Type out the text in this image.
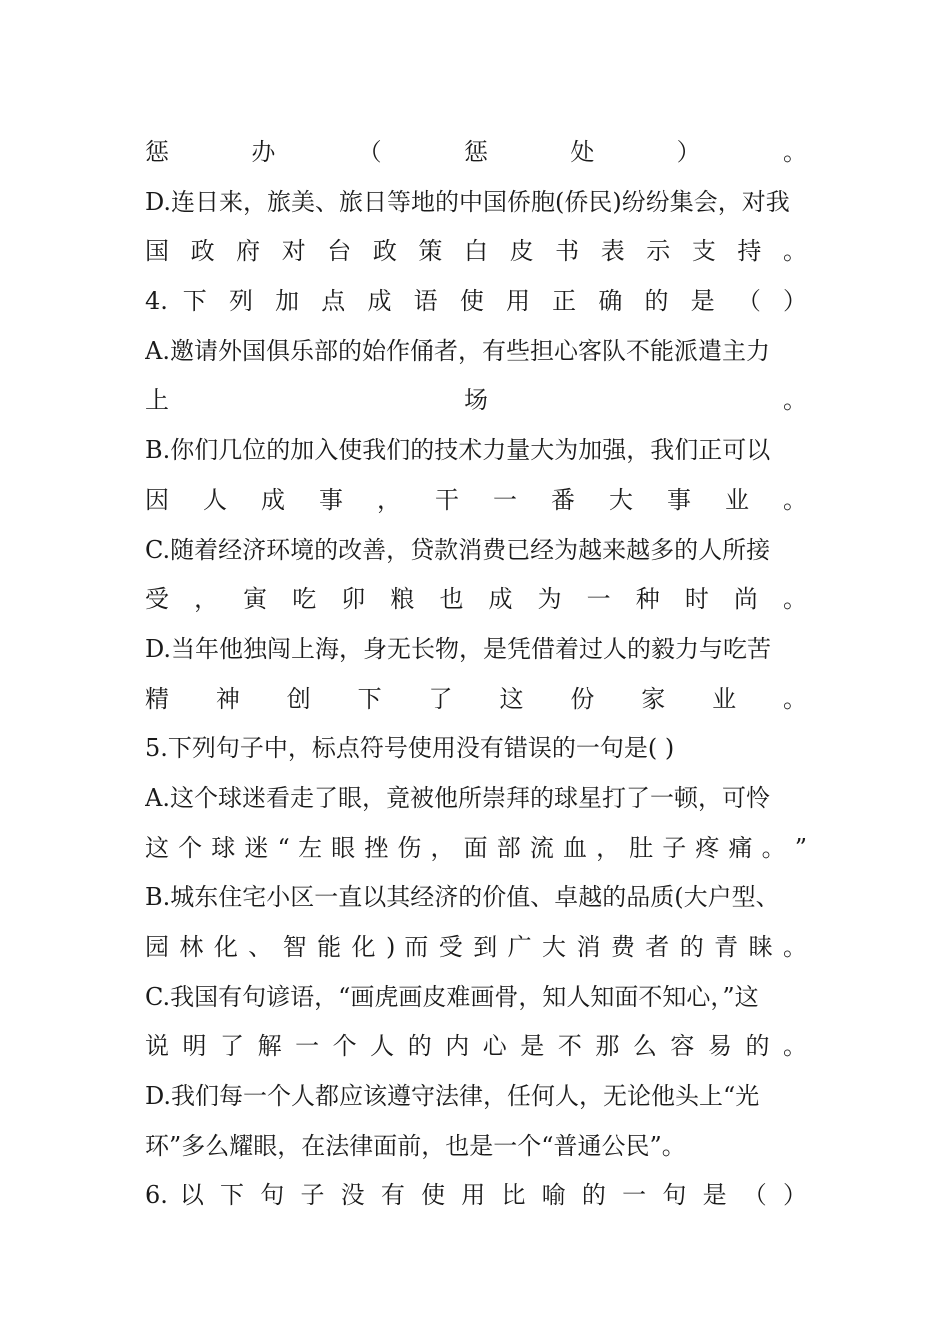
惩 办 （ 惩 处 ） 。
D.连日来，旅美、旅日等地的中国侨胞(侨民)纷纷集会，对我
国 政 府 对 台 政 策 白 皮 书 表 示 支 持 。
4. 下 列 加 点 成 语 使 用 正 确 的 是 （ ）
A.邀请外国俱乐部的始作俑者，有些担心客队不能派遣主力
上 场 。
B.你们几位的加入使我们的技术力量大为加强，我们正可以
因 人 成 事 ， 干 一 番 大 事 业 。
C.随着经济环境的改善，贷款消费已经为越来越多的人所接
受 ， 寅 吃 卯 粮 也 成 为 一 种 时 尚 。
D.当年他独闯上海，身无长物，是凭借着过人的毅力与吃苦
精 神 创 下 了 这 份 家 业 。
5.下列句子中，标点符号使用没有错误的一句是( )
A.这个球迷看走了眼，竟被他所崇拜的球星打了一顿，可怜
这 个 球 迷 “ 左 眼 挫 伤 ， 面 部 流 血 ， 肚 子 疼 痛 。 ”
B.城东住宅小区一直以其经济的价值、卓越的品质(大户型、
园 林 化 、 智 能 化 ) 而 受 到 广 大 消 费 者 的 青 睐 。
C.我国有句谚语，“画虎画皮难画骨，知人知面不知心，”这
说 明 了 解 一 个 人 的 内 心 是 不 那 么 容 易 的 。
D.我们每一个人都应该遵守法律，任何人，无论他头上“光
环”多么耀眼，在法律面前，也是一个“普通公民”。
6. 以 下 句 子 没 有 使 用 比 喻 的 一 句 是 （ ）
